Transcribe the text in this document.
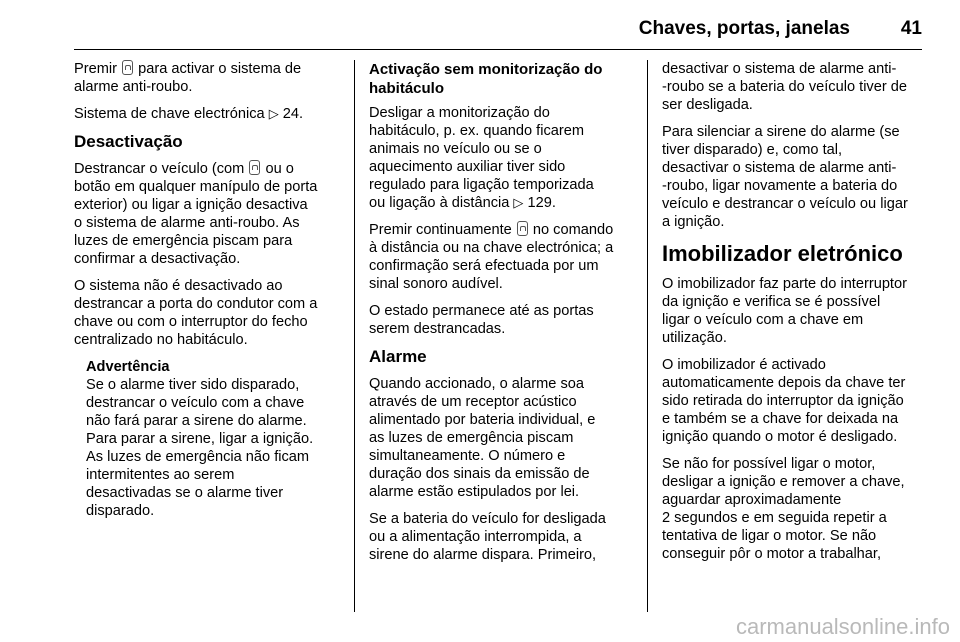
Chaves, portas, janelas	41

Premir para activar o sistema de
alarme anti-roubo.

Sistema de chave electrónica ▷ 24.

Desactivação

Destrancar o veículo (com ou o
botão em qualquer manípulo de porta
exterior) ou ligar a ignição desactiva
o sistema de alarme anti-roubo. As
luzes de emergência piscam para
confirmar a desactivação.

O sistema não é desactivado ao
destrancar a porta do condutor com a
chave ou com o interruptor do fecho
centralizado no habitáculo.

Advertência
Se o alarme tiver sido disparado,
destrancar o veículo com a chave
não fará parar a sirene do alarme.
Para parar a sirene, ligar a ignição.
As luzes de emergência não ficam
intermitentes ao serem
desactivadas se o alarme tiver
disparado.
Activação sem monitorização do
habitáculo

Desligar a monitorização do
habitáculo, p. ex. quando ficarem
animais no veículo ou se o
aquecimento auxiliar tiver sido
regulado para ligação temporizada
ou ligação à distância ▷ 129.

Premir continuamente no comando
à distância ou na chave electrónica; a
confirmação será efectuada por um
sinal sonoro audível.

O estado permanece até as portas
serem destrancadas.

Alarme

Quando accionado, o alarme soa
através de um receptor acústico
alimentado por bateria individual, e
as luzes de emergência piscam
simultaneamente. O número e
duração dos sinais da emissão de
alarme estão estipulados por lei.

Se a bateria do veículo for desligada
ou a alimentação interrompida, a
sirene do alarme dispara. Primeiro,

desactivar o sistema de alarme anti-
-roubo se a bateria do veículo tiver de
ser desligada.

Para silenciar a sirene do alarme (se
tiver disparado) e, como tal,
desactivar o sistema de alarme anti-
-roubo, ligar novamente a bateria do
veículo e destrancar o veículo ou ligar
a ignição.

Imobilizador eletrónico

O imobilizador faz parte do interruptor
da ignição e verifica se é possível
ligar o veículo com a chave em
utilização.

O imobilizador é activado
automaticamente depois da chave ter
sido retirada do interruptor da ignição
e também se a chave for deixada na
ignição quando o motor é desligado.

Se não for possível ligar o motor,
desligar a ignição e remover a chave,
aguardar aproximadamente
2 segundos e em seguida repetir a
tentativa de ligar o motor. Se não
conseguir pôr o motor a trabalhar,

carmanualsonline.info
